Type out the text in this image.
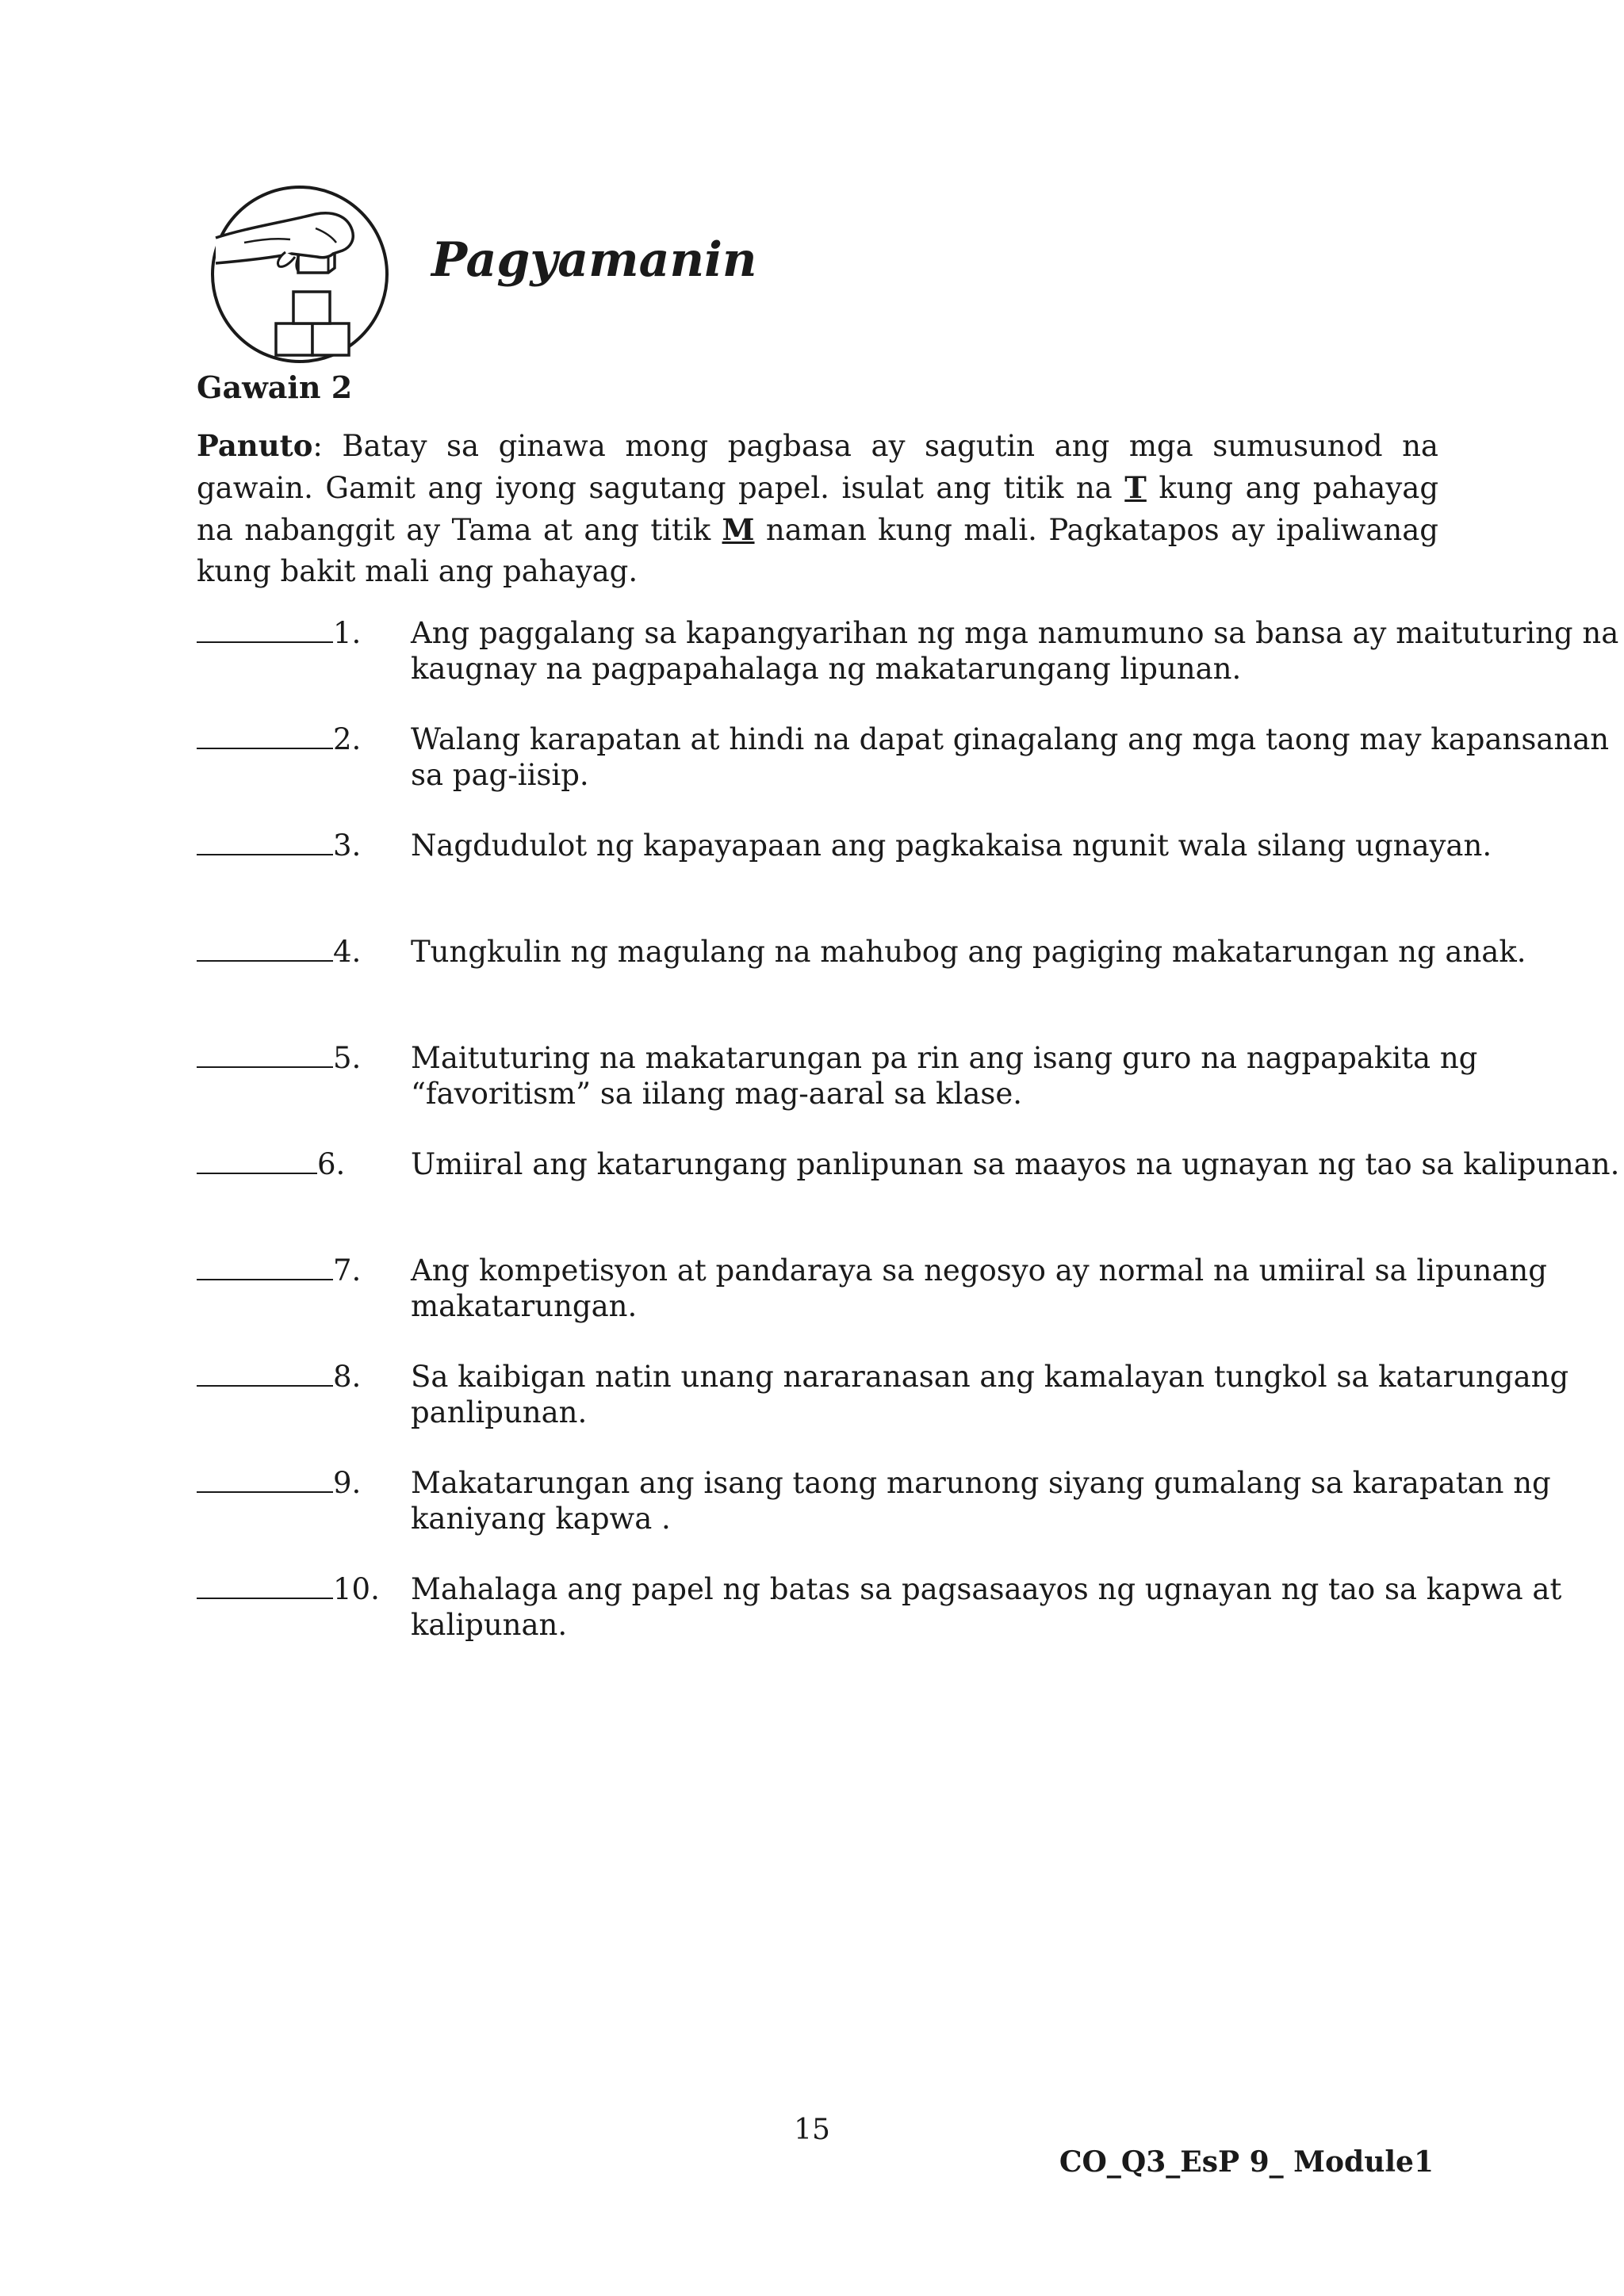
Pagyamanin
Gawain 2

Panuto: Batay sa ginawa mong pagbasa ay sagutin ang mga sumusunod na gawain. Gamit ang iyong sagutang papel. isulat ang titik na T kung ang pahayag na nabanggit ay Tama at ang titik M naman kung mali. Pagkatapos ay ipaliwanag kung bakit mali ang pahayag.

1. Ang paggalang sa kapangyarihan ng mga namumuno sa bansa ay maituturing na kaugnay na pagpapahalaga ng makatarungang lipunan.
2. Walang karapatan at hindi na dapat ginagalang ang mga taong may kapansanan sa pag-iisip.
3. Nagdudulot ng kapayapaan ang pagkakaisa ngunit wala silang ugnayan.
4. Tungkulin ng magulang na mahubog ang pagiging makatarungan ng anak.
5. Maituturing na makatarungan pa rin ang isang guro na nagpapakita ng “favoritism” sa iilang mag-aaral sa klase.
6. Umiiral ang katarungang panlipunan sa maayos na ugnayan ng tao sa kalipunan.
7. Ang kompetisyon at pandaraya sa negosyo ay normal na umiiral sa lipunang makatarungan.
8. Sa kaibigan natin unang nararanasan ang kamalayan tungkol sa katarungang panlipunan.
9. Makatarungan ang isang taong marunong siyang gumalang sa karapatan ng kaniyang kapwa .
10. Mahalaga ang papel ng batas sa pagsasaayos ng ugnayan ng tao sa kapwa at kalipunan.

15

CO_Q3_EsP 9_ Module1
